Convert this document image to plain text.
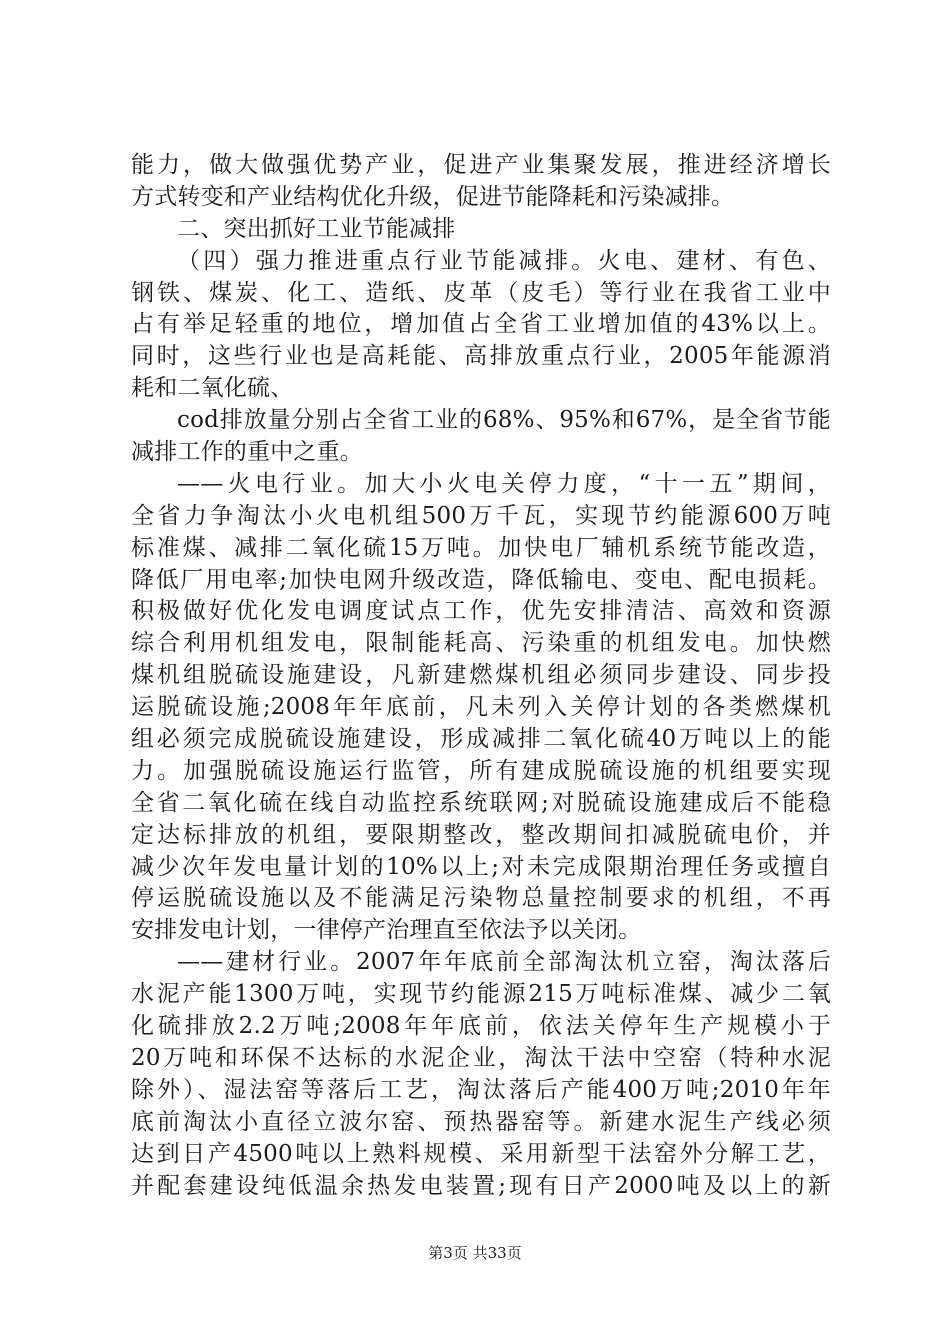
能力，做大做强优势产业，促进产业集聚发展，推进经济增长
方式转变和产业结构优化升级，促进节能降耗和污染减排。
二、突出抓好工业节能减排
（四）强力推进重点行业节能减排。火电、建材、有色、
钢铁、煤炭、化工、造纸、皮革（皮毛）等行业在我省工业中
占有举足轻重的地位，增加值占全省工业增加值的43%以上。
同时，这些行业也是高耗能、高排放重点行业，2005年能源消
耗和二氧化硫、
cod排放量分别占全省工业的68%、95%和67%，是全省节能
减排工作的重中之重。
——火电行业。加大小火电关停力度，“十一五”期间，
全省力争淘汰小火电机组500万千瓦，实现节约能源600万吨
标准煤、减排二氧化硫15万吨。加快电厂辅机系统节能改造，
降低厂用电率;加快电网升级改造，降低输电、变电、配电损耗。
积极做好优化发电调度试点工作，优先安排清洁、高效和资源
综合利用机组发电，限制能耗高、污染重的机组发电。加快燃
煤机组脱硫设施建设，凡新建燃煤机组必须同步建设、同步投
运脱硫设施;2008年年底前，凡未列入关停计划的各类燃煤机
组必须完成脱硫设施建设，形成减排二氧化硫40万吨以上的能
力。加强脱硫设施运行监管，所有建成脱硫设施的机组要实现
全省二氧化硫在线自动监控系统联网;对脱硫设施建成后不能稳
定达标排放的机组，要限期整改，整改期间扣减脱硫电价，并
减少次年发电量计划的10%以上;对未完成限期治理任务或擅自
停运脱硫设施以及不能满足污染物总量控制要求的机组，不再
安排发电计划，一律停产治理直至依法予以关闭。
——建材行业。2007年年底前全部淘汰机立窑，淘汰落后
水泥产能1300万吨，实现节约能源215万吨标准煤、减少二氧
化硫排放2.2万吨;2008年年底前，依法关停年生产规模小于
20万吨和环保不达标的水泥企业，淘汰干法中空窑（特种水泥
除外）、湿法窑等落后工艺，淘汰落后产能400万吨;2010年年
底前淘汰小直径立波尔窑、预热器窑等。新建水泥生产线必须
达到日产4500吨以上熟料规模、采用新型干法窑外分解工艺，
并配套建设纯低温余热发电装置;现有日产2000吨及以上的新
第3页 共33页
